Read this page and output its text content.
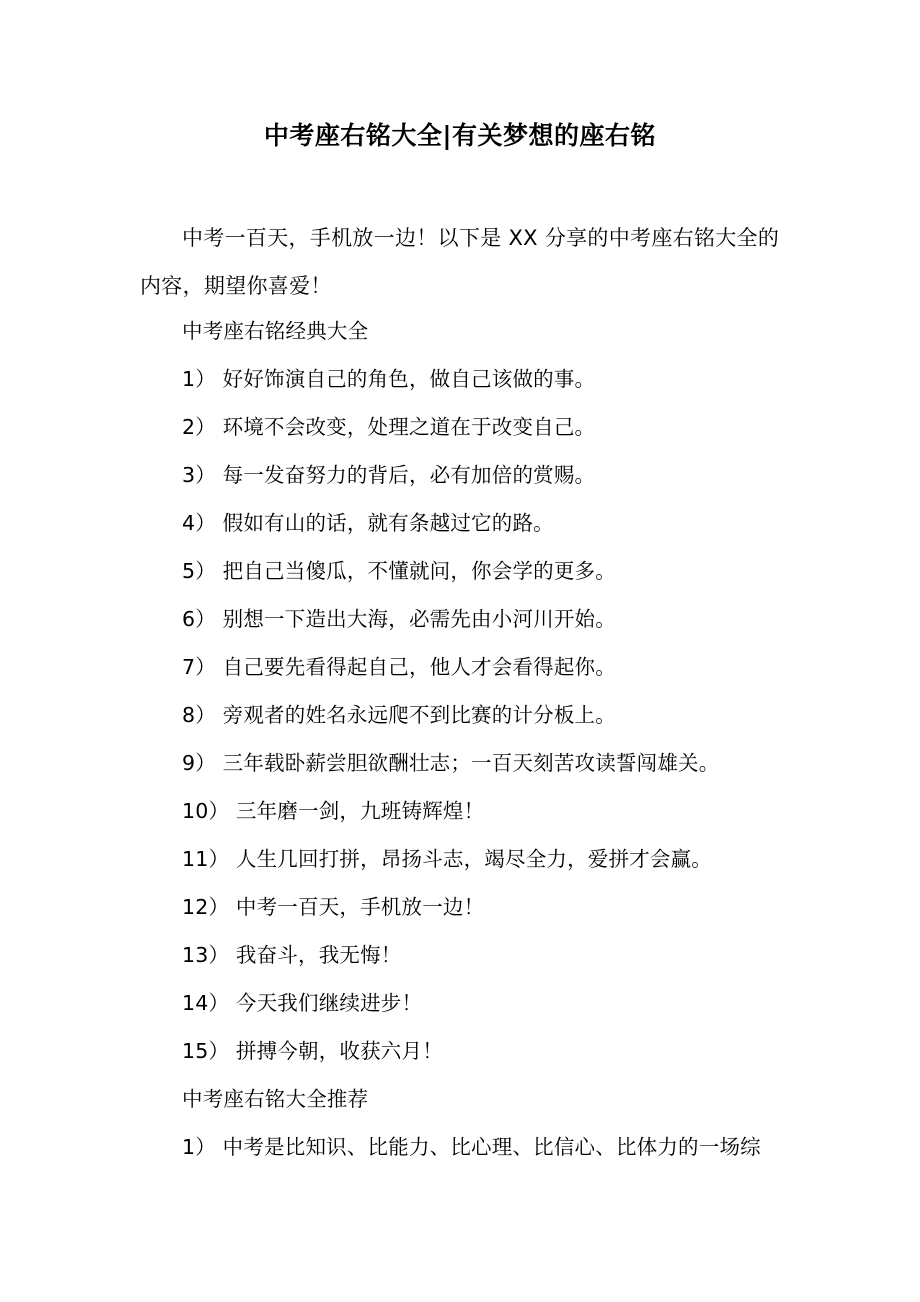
中考座右铭大全|有关梦想的座右铭

中考一百天，手机放一边！以下是 XX 分享的中考座右铭大全的内容，期望你喜爱！

中考座右铭经典大全

1） 好好饰演自己的角色，做自己该做的事。

2） 环境不会改变，处理之道在于改变自己。

3） 每一发奋努力的背后，必有加倍的赏赐。

4） 假如有山的话，就有条越过它的路。

5） 把自己当傻瓜，不懂就问，你会学的更多。

6） 别想一下造出大海，必需先由小河川开始。

7） 自己要先看得起自己，他人才会看得起你。

8） 旁观者的姓名永远爬不到比赛的计分板上。

9） 三年载卧薪尝胆欲酬壮志；一百天刻苦攻读誓闯雄关。

10） 三年磨一剑，九班铸辉煌！

11） 人生几回打拼，昂扬斗志，竭尽全力，爱拼才会赢。

12） 中考一百天，手机放一边！

13） 我奋斗，我无悔！

14） 今天我们继续进步！

15） 拼搏今朝，收获六月！

中考座右铭大全推荐

1） 中考是比知识、比能力、比心理、比信心、比体力的一场综
